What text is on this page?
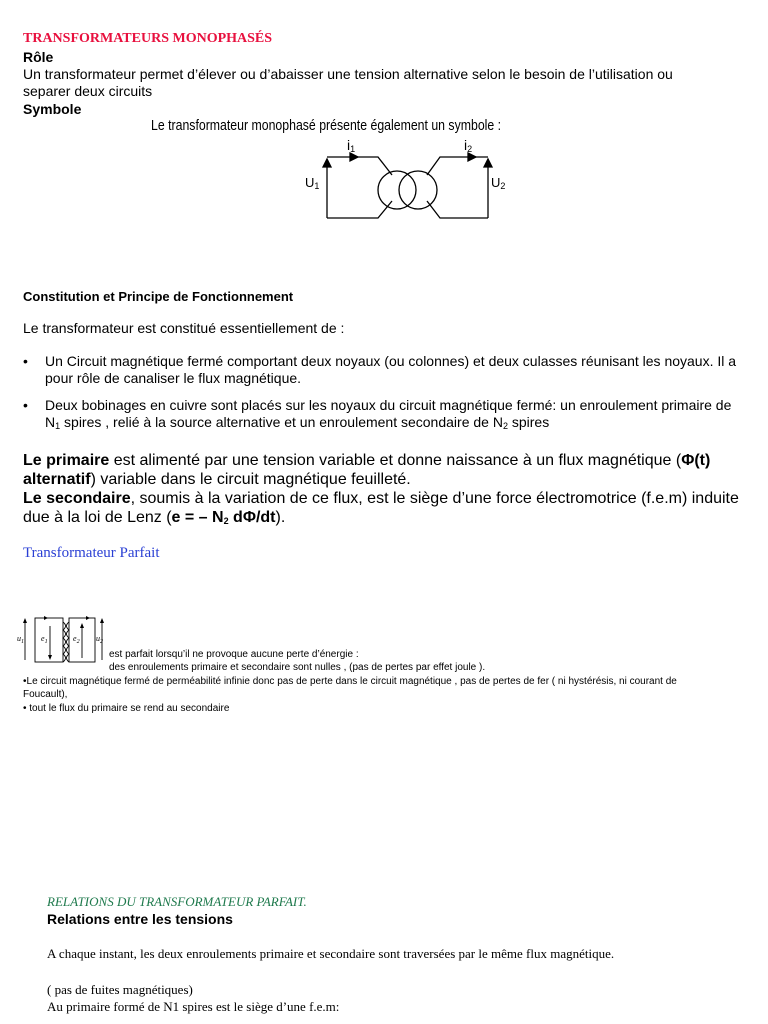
TRANSFORMATEURS MONOPHASÉS
Rôle
Un transformateur permet d’élever ou d’abaisser une tension alternative selon le besoin de l’utilisation ou separer deux circuits
Symbole
Le transformateur monophasé présente également un symbole :
$i_1$	$i_2$
$U_1$	$U_2$
Constitution et Principe de Fonctionnement
Le transformateur est constitué essentiellement de :
• Un Circuit magnétique fermé comportant deux noyaux (ou colonnes) et deux culasses réunisant les noyaux. Il a pour rôle de canaliser le flux magnétique.

• Deux bobinages en cuivre sont placés sur les noyaux du circuit magnétique fermé: un enroulement primaire de $N_1$ spires , relié à la source alternative et un enroulement secondaire de $N_2$ spires

Le primaire est alimenté par une tension variable et donne naissance à un flux magnétique (Φ(t) alternatif) variable dans le circuit magnétique feuilleté.

Le secondaire, soumis à la variation de ce flux, est le siège d’une force électromotrice (f.e.m) induite due à la loi de Lenz (e = – $N_2$ dΦ/dt).

Transformateur Parfait
$u_1$ $e_1$	$e_2$ $u_2$
est parfait lorsqu’il ne provoque aucune perte d’énergie :
des enroulements primaire et secondaire sont nulles , (pas de pertes par effet joule ).
•Le circuit magnétique fermé de perméabilité infinie donc pas de perte dans le circuit magnétique , pas de pertes de fer ( ni hystérésis, ni courant de Foucault),
• tout le flux du primaire se rend au secondaire
RELATIONS DU TRANSFORMATEUR PARFAIT.
Relations entre les tensions
A chaque instant, les deux enroulements primaire et secondaire sont traversées par le même flux magnétique.
( pas de fuites magnétiques)
Au primaire formé de N1 spires est le siège d’une f.e.m:
